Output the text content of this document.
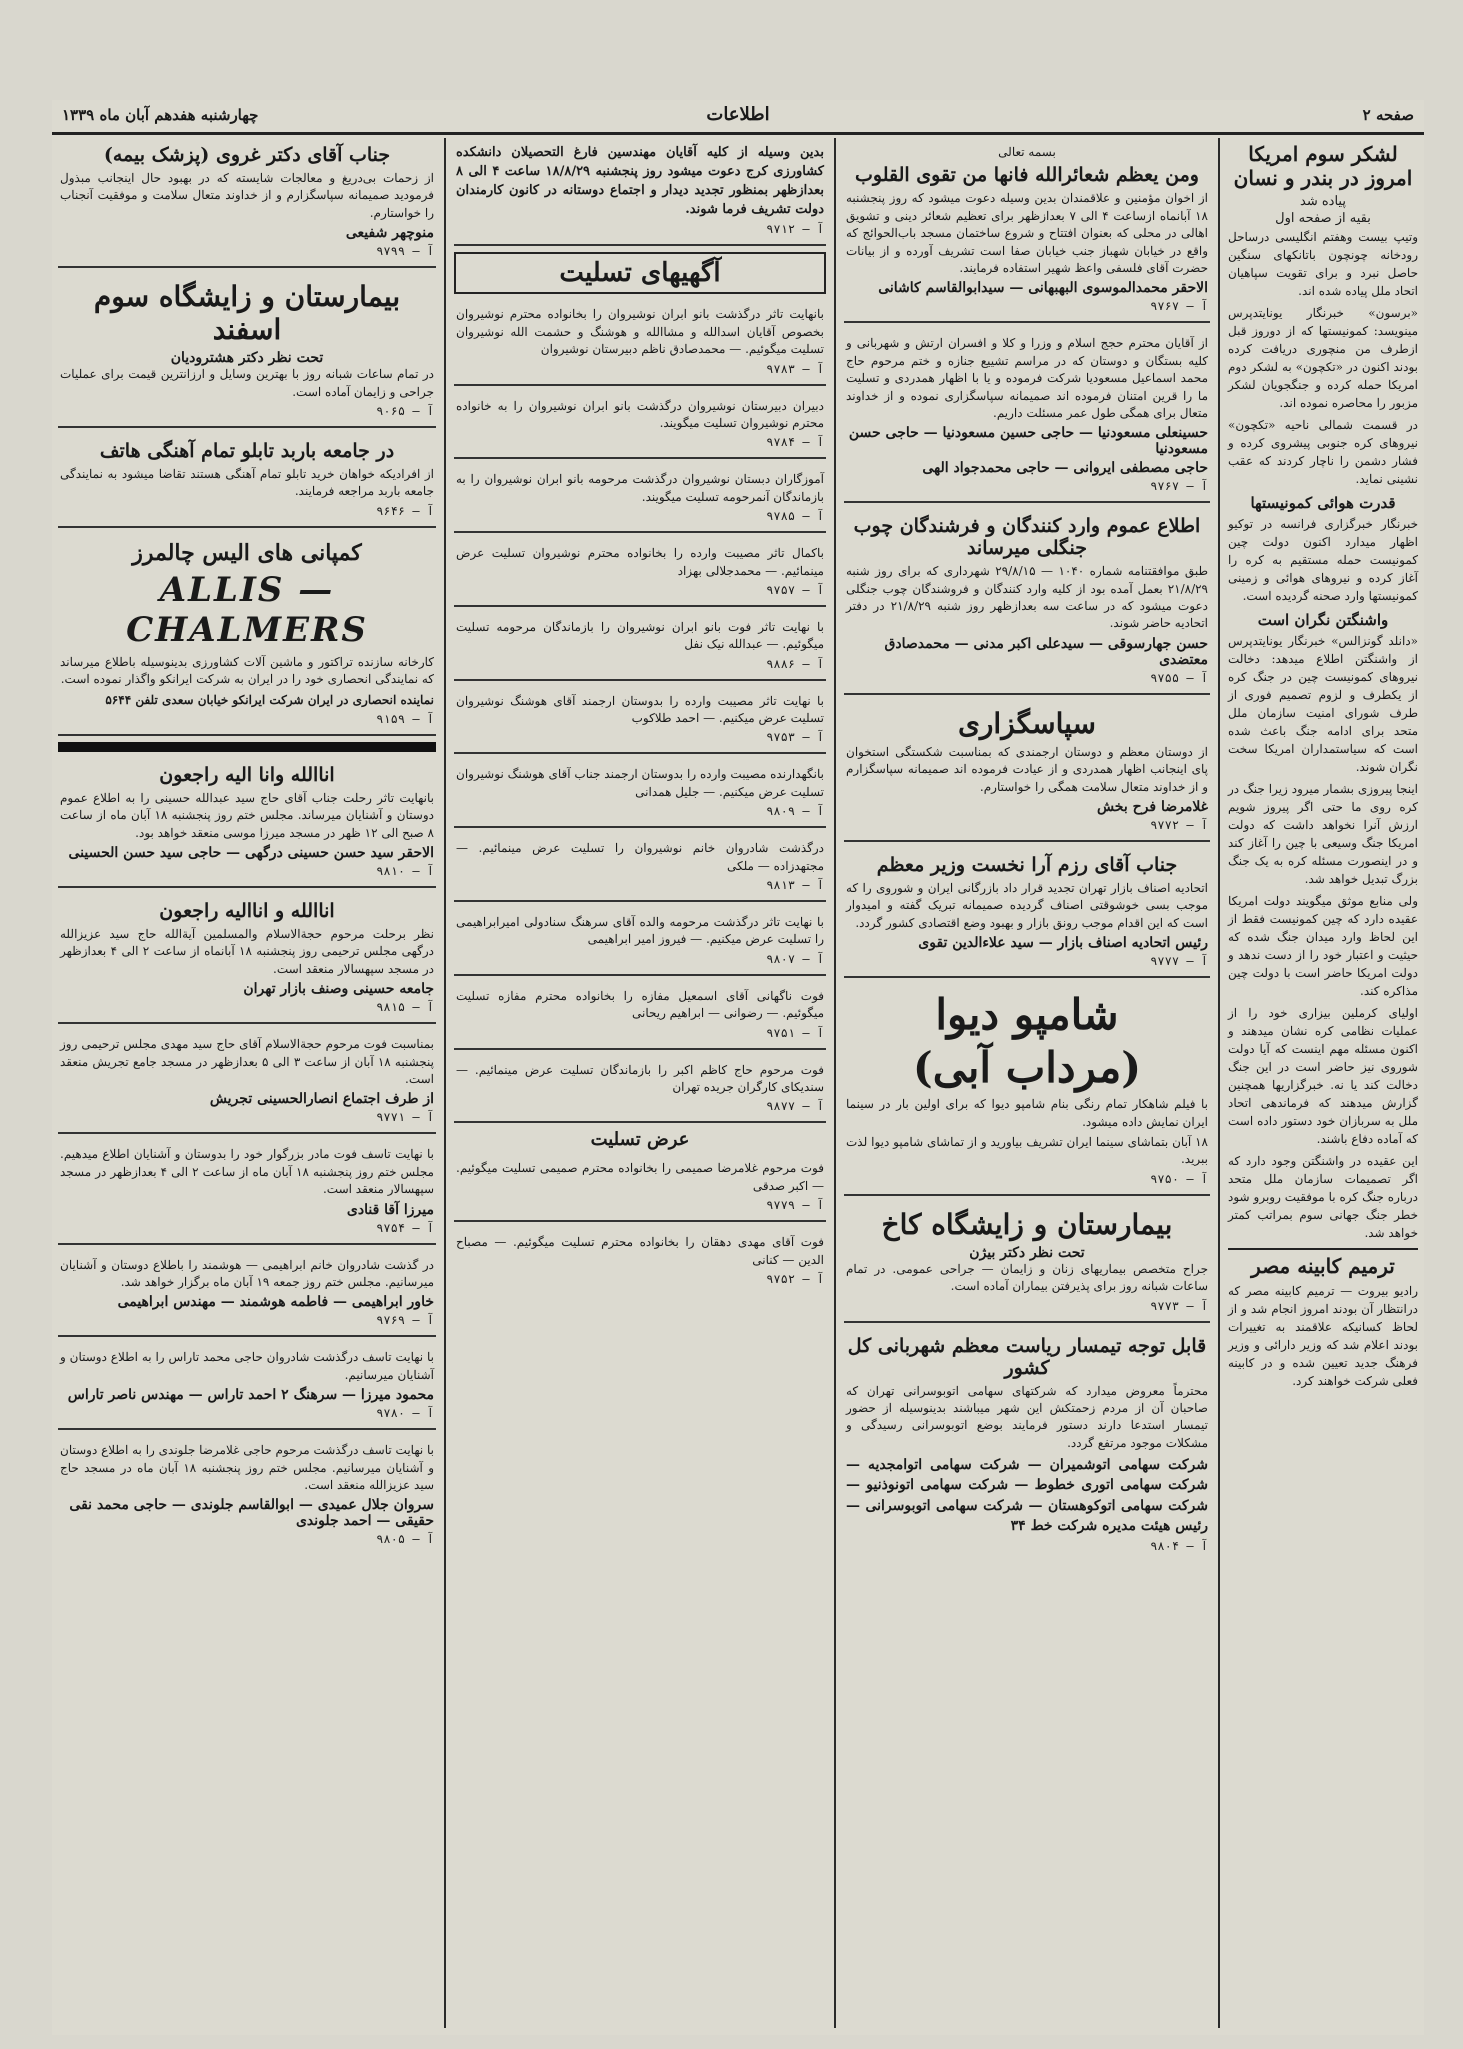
صفحه ۲
اطلاعات
چهارشنبه هفدهم آبان ماه ۱۳۳۹
لشکر سوم امریکا امروز در بندر و نسان
پیاده شد
بقیه از صفحه اول

وتیپ بیست وهفتم انگلیسی درساحل رودخانه چونچون باتانکهای سنگین حاصل نبرد و برای تقویت سپاهیان اتحاد ملل پیاده شده اند.

«برسون» خبرنگار یونایتدپرس مینویسد: کمونیستها که از دوروز قبل ازطرف من منچوری دریافت کرده بودند اکنون در «تکچون» به لشکر دوم امریکا حمله کرده و جنگجویان لشکر مزبور را محاصره نموده اند.

در قسمت شمالی ناحیه «تکچون» نیروهای کره جنوبی پیشروی کرده و فشار دشمن را ناچار کردند که عقب نشینی نماید.

قدرت هوائی کمونیستها

خبرنگار خبرگزاری فرانسه در توکیو اظهار میدارد اکنون دولت چین کمونیست حمله مستقیم به کره را آغاز کرده و نیروهای هوائی و زمینی کمونیستها وارد صحنه گردیده است.

واشنگتن نگران است

«دانلد گونزالس» خبرنگار یونایتدپرس از واشنگتن اطلاع میدهد: دخالت نیروهای کمونیست چین در جنگ کره از یکطرف و لزوم تصمیم فوری از طرف شورای امنیت سازمان ملل متحد برای ادامه جنگ باعث شده است که سیاستمداران امریکا سخت نگران شوند.

اینجا پیروزی بشمار میرود زیرا جنگ در کره روی ما حتی اگر پیروز شویم ارزش آنرا نخواهد داشت که دولت امریکا جنگ وسیعی با چین را آغاز کند و در اینصورت مسئله کره به یک جنگ بزرگ تبدیل خواهد شد.

ولی منابع موثق میگویند دولت امریکا عقیده دارد که چین کمونیست فقط از این لحاظ وارد میدان جنگ شده که حیثیت و اعتبار خود را از دست ندهد و دولت امریکا حاضر است با دولت چین مذاکره کند.

اولیای کرملین بیزاری خود را از عملیات نظامی کره نشان میدهند و اکنون مسئله مهم اینست که آیا دولت شوروی نیز حاضر است در این جنگ دخالت کند یا نه. خبرگزاریها همچنین گزارش میدهند که فرماندهی اتحاد ملل به سربازان خود دستور داده است که آماده دفاع باشند.

این عقیده در واشنگتن وجود دارد که اگر تصمیمات سازمان ملل متحد درباره جنگ کره با موفقیت روبرو شود خطر جنگ جهانی سوم بمراتب کمتر خواهد شد.

ترمیم کابینه مصر

رادیو بیروت — ترمیم کابینه مصر که درانتظار آن بودند امروز انجام شد و از لحاظ کسانیکه علاقمند به تغییرات بودند اعلام شد که وزیر دارائی و وزیر فرهنگ جدید تعیین شده و در کابینه فعلی شرکت خواهند کرد.

بسمه تعالی

ومن یعظم شعائرالله فانها من تقوی القلوب

از اخوان مؤمنین و علاقمندان بدین وسیله دعوت میشود که روز پنجشنبه ۱۸ آبانماه ازساعت ۴ الی ۷ بعدازظهر برای تعظیم شعائر دینی و تشویق اهالی در محلی که بعنوان افتتاح و شروع ساختمان مسجد باب‌الحوائج که واقع در خیابان شهباز جنب خیابان صفا است تشریف آورده و از بیانات حضرت آقای فلسفی واعظ شهیر استفاده فرمایند.

الاحقر محمدالموسوی البهبهانی — سیدابوالقاسم کاشانی
آ — ۹۷۶۷

از آقایان محترم حجج اسلام و وزرا و کلا و افسران ارتش و شهربانی و کلیه بستگان و دوستان که در مراسم تشییع جنازه و ختم مرحوم حاج محمد اسماعیل مسعودیا شرکت فرموده و یا با اظهار همدردی و تسلیت ما را قرین امتنان فرموده اند صمیمانه سپاسگزاری نموده و از خداوند متعال برای همگی طول عمر مسئلت داریم.

حسینعلی مسعودنیا — حاجی حسین مسعودنیا — حاجی حسن مسعودنیا
حاجی مصطفی ایروانی — حاجی محمدجواد الهی
آ — ۹۷۶۷
اطلاع عموم وارد کنندگان و فرشندگان چوب جنگلی میرساند

طبق موافقتنامه شماره ۱۰۴۰ — ۲۹/۸/۱۵ شهرداری که برای روز شنبه ۲۱/۸/۲۹ بعمل آمده بود از کلیه وارد کنندگان و فروشندگان چوب جنگلی دعوت میشود که در ساعت سه بعدازظهر روز شنبه ۲۱/۸/۲۹ در دفتر اتحادیه حاضر شوند.

حسن جهارسوقی — سیدعلی اکبر مدنی — محمدصادق معتضدی
آ — ۹۷۵۵
سپاسگزاری

از دوستان معظم و دوستان ارجمندی که بمناسبت شکستگی استخوان پای اینجانب اظهار همدردی و از عیادت فرموده اند صمیمانه سپاسگزارم و از خداوند متعال سلامت همگی را خواستارم.

غلامرضا فرح بخش
آ — ۹۷۷۲
جناب آقای رزم آرا نخست وزیر معظم

اتحادیه اصناف بازار تهران تجدید قرار داد بازرگانی ایران و شوروی را که موجب بسی خوشوقتی اصناف گردیده صمیمانه تبریک گفته و امیدوار است که این اقدام موجب رونق بازار و بهبود وضع اقتصادی کشور گردد.

رئیس اتحادیه اصناف بازار — سید علاءالدین تقوی
آ — ۹۷۷۷
شامپو دیوا
(مرداب آبی)

با فیلم شاهکار تمام رنگی بنام شامپو دیوا که برای اولین بار در سینما ایران نمایش داده میشود.

۱۸ آبان بتماشای سینما ایران تشریف بیاورید و از تماشای شامپو دیوا لذت ببرید.

آ — ۹۷۵۰
بیمارستان و زایشگاه کاخ
تحت نظر دکتر بیژن

جراح متخصص بیماریهای زنان و زایمان — جراحی عمومی. در تمام ساعات شبانه روز برای پذیرفتن بیماران آماده است.

آ — ۹۷۷۳
قابل توجه تیمسار ریاست معظم شهربانی کل کشور

محترماً معروض میدارد که شرکتهای سهامی اتوبوسرانی تهران که صاحبان آن از مردم زحمتکش این شهر میباشند بدینوسیله از حضور تیمسار استدعا دارند دستور فرمایند بوضع اتوبوسرانی رسیدگی و مشکلات موجود مرتفع گردد.

شرکت سهامی اتوشمیران — شرکت سهامی اتوامجدیه — شرکت سهامی اتوری خطوط — شرکت سهامی اتونوذنیو — شرکت سهامی اتوکوهستان — شرکت سهامی اتوبوسرانی — رئیس هیئت مدیره شرکت خط ۳۴

آ — ۹۸۰۴

بدین وسیله از کلیه آقایان مهندسین فارغ التحصیلان دانشکده کشاورزی کرج دعوت میشود روز پنجشنبه ۱۸/۸/۲۹ ساعت ۴ الی ۸ بعدازظهر بمنظور تجدید دیدار و اجتماع دوستانه در کانون کارمندان دولت تشریف فرما شوند.

آ — ۹۷۱۲
آگهیهای تسلیت

بانهایت تاثر درگذشت بانو ابران نوشیروان را بخانواده محترم نوشیروان بخصوص آقایان اسدالله و مشاالله و هوشنگ و حشمت الله نوشیروان تسلیت میگوئیم. — محمدصادق ناظم دبیرستان نوشیروان

آ — ۹۷۸۳

دبیران دبیرستان نوشیروان درگذشت بانو ابران نوشیروان را به خانواده محترم نوشیروان تسلیت میگویند.

آ — ۹۷۸۴

آموزگاران دبستان نوشیروان درگذشت مرحومه بانو ابران نوشیروان را به بازماندگان آنمرحومه تسلیت میگویند.

آ — ۹۷۸۵

باکمال تاثر مصیبت وارده را بخانواده محترم نوشیروان تسلیت عرض مینمائیم. — محمدجلالی بهزاد

آ — ۹۷۵۷

با نهایت تاثر فوت بانو ابران نوشیروان را بازماندگان مرحومه تسلیت میگوئیم. — عبدالله نیک نفل

آ — ۹۸۸۶

با نهایت تاثر مصیبت وارده را بدوستان ارجمند آقای هوشنگ نوشیروان تسلیت عرض میکنیم. — احمد طلاکوب

آ — ۹۷۵۳

بانگهدارنده مصیبت وارده را بدوستان ارجمند جناب آقای هوشنگ نوشیروان تسلیت عرض میکنیم. — جلیل همدانی

آ — ۹۸۰۹

درگذشت شادروان خانم نوشیروان را تسلیت عرض مینمائیم. — مجتهدزاده — ملکی

آ — ۹۸۱۳

با نهایت تاثر درگذشت مرحومه والده آقای سرهنگ سنادولی امیرابراهیمی را تسلیت عرض میکنیم. — فیروز امیر ابراهیمی

آ — ۹۸۰۷

فوت ناگهانی آقای اسمعیل مفازه را بخانواده محترم مفازه تسلیت میگوئیم. — رضوانی — ابراهیم ریحانی

آ — ۹۷۵۱

فوت مرحوم حاج کاظم اکبر را بازماندگان تسلیت عرض مینمائیم. — سندیکای کارگران جریده تهران

آ — ۹۸۷۷
عرض تسلیت

فوت مرحوم غلامرضا صمیمی را بخانواده محترم صمیمی تسلیت میگوئیم. — اکبر صدقی

آ — ۹۷۷۹

فوت آقای مهدی دهقان را بخانواده محترم تسلیت میگوئیم. — مصباح الدین — کنانی

آ — ۹۷۵۲
جناب آقای دکتر غروی (پزشک بیمه)

از زحمات بی‌دریغ و معالجات شایسته که در بهبود حال اینجانب مبذول فرمودید صمیمانه سپاسگزارم و از خداوند متعال سلامت و موفقیت آنجناب را خواستارم.

منوچهر شفیعی
آ — ۹۷۹۹
بیمارستان و زایشگاه سوم اسفند
تحت نظر دکتر هشترودیان

در تمام ساعات شبانه روز با بهترین وسایل و ارزانترین قیمت برای عملیات جراحی و زایمان آماده است.

آ — ۹۰۶۵
در جامعه باربد تابلو تمام آهنگی هاتف

از افرادیکه خواهان خرید تابلو تمام آهنگی هستند تقاضا میشود به نمایندگی جامعه باربد مراجعه فرمایند.

آ — ۹۶۴۶
کمپانی های الیس چالمرز
ALLIS — CHALMERS

کارخانه سازنده تراکتور و ماشین آلات کشاورزی بدینوسیله باطلاع میرساند که نمایندگی انحصاری خود را در ایران به شرکت ایرانکو واگذار نموده است.

نماینده انحصاری در ایران شرکت ایرانکو خیابان سعدی تلفن ۵۶۴۴

آ — ۹۱۵۹
اناالله وانا الیه راجعون

بانهایت تاثر رحلت جناب آقای حاج سید عبدالله حسینی را به اطلاع عموم دوستان و آشنایان میرساند. مجلس ختم روز پنجشنبه ۱۸ آبان ماه از ساعت ۸ صبح الی ۱۲ ظهر در مسجد میرزا موسی منعقد خواهد بود.

الاحقر سید حسن حسینی درگهی — حاجی سید حسن الحسینی
آ — ۹۸۱۰
اناالله و اناالیه راجعون

نظر برحلت مرحوم حجة‌الاسلام والمسلمین آیةالله حاج سید عزیزالله درگهی مجلس ترحیمی روز پنجشنبه ۱۸ آبانماه از ساعت ۲ الی ۴ بعدازظهر در مسجد سپهسالار منعقد است.

جامعه حسینی وصنف بازار تهران
آ — ۹۸۱۵

بمناسبت فوت مرحوم حجة‌الاسلام آقای حاج سید مهدی مجلس ترحیمی روز پنجشنبه ۱۸ آبان از ساعت ۳ الی ۵ بعدازظهر در مسجد جامع تجریش منعقد است.

از طرف اجتماع انصارالحسینی تجریش
آ — ۹۷۷۱

با نهایت تاسف فوت مادر بزرگوار خود را بدوستان و آشنایان اطلاع میدهیم. مجلس ختم روز پنجشنبه ۱۸ آبان ماه از ساعت ۲ الی ۴ بعدازظهر در مسجد سپهسالار منعقد است.

میرزا آقا قنادی
آ — ۹۷۵۴

در گذشت شادروان خانم ابراهیمی — هوشمند را باطلاع دوستان و آشنایان میرسانیم. مجلس ختم روز جمعه ۱۹ آبان ماه برگزار خواهد شد.

خاور ابراهیمی — فاطمه هوشمند — مهندس ابراهیمی
آ — ۹۷۶۹

با نهایت تاسف درگذشت شادروان حاجی محمد تاراس را به اطلاع دوستان و آشنایان میرسانیم.

محمود میرزا — سرهنگ ۲ احمد تاراس — مهندس ناصر تاراس
آ — ۹۷۸۰

با نهایت تاسف درگذشت مرحوم حاجی غلامرضا جلوندی را به اطلاع دوستان و آشنایان میرسانیم. مجلس ختم روز پنجشنبه ۱۸ آبان ماه در مسجد حاج سید عزیزالله منعقد است.

سروان جلال عمیدی — ابوالقاسم جلوندی — حاجی محمد نقی حقیقی — احمد جلوندی
آ — ۹۸۰۵
